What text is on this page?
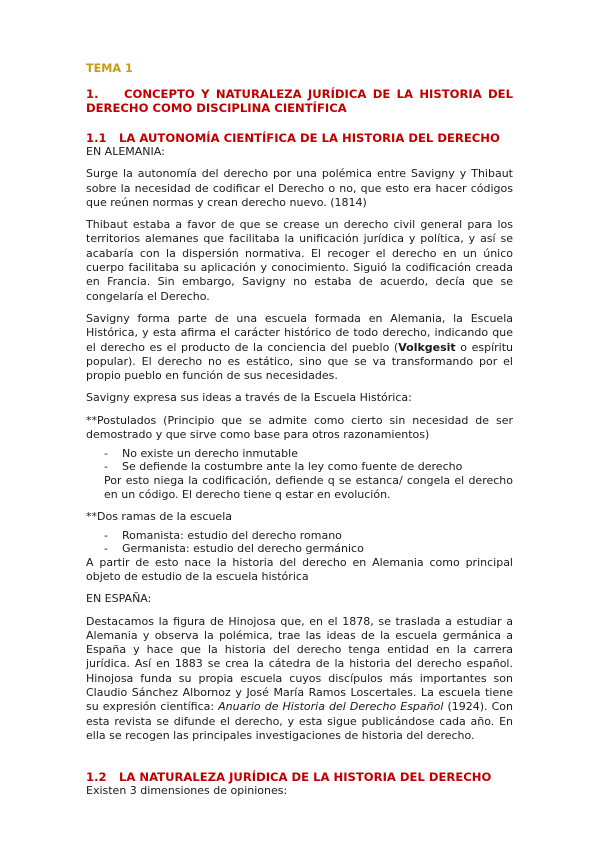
TEMA 1
1.    CONCEPTO Y NATURALEZA JURÍDICA DE LA HISTORIA DEL DERECHO COMO DISCIPLINA CIENTÍFICA
1.1 LA AUTONOMÍA CIENTÍFICA DE LA HISTORIA DEL DERECHO

EN ALEMANIA:

Surge la autonomía del derecho por una polémica entre Savigny y Thibaut sobre la necesidad de codificar el Derecho o no, que esto era hacer códigos que reúnen normas y crean derecho nuevo. (1814)

Thibaut estaba a favor de que se crease un derecho civil general para los territorios alemanes que facilitaba la unificación jurídica y política, y así se acabaría con la dispersión normativa. El recoger el derecho en un único cuerpo facilitaba su aplicación y conocimiento. Siguió la codificación creada en Francia. Sin embargo, Savigny no estaba de acuerdo, decía que se congelaría el Derecho.

Savigny forma parte de una escuela formada en Alemania, la Escuela Histórica, y esta afirma el carácter histórico de todo derecho, indicando que el derecho es el producto de la conciencia del pueblo (Volkgesit o espíritu popular). El derecho no es estático, sino que se va transformando por el propio pueblo en función de sus necesidades.

Savigny expresa sus ideas a través de la Escuela Histórica:

**Postulados (Principio que se admite como cierto sin necesidad de ser demostrado y que sirve como base para otros razonamientos)

- No existe un derecho inmutable
- Se defiende la costumbre ante la ley como fuente de derecho

Por esto niega la codificación, defiende q se estanca/ congela el derecho en un código. El derecho tiene q estar en evolución.

**Dos ramas de la escuela

- Romanista: estudio del derecho romano
- Germanista: estudio del derecho germánico

A partir de esto nace la historia del derecho en Alemania como principal objeto de estudio de la escuela histórica

EN ESPAÑA:

Destacamos la figura de Hinojosa que, en el 1878, se traslada a estudiar a Alemania y observa la polémica, trae las ideas de la escuela germánica a España y hace que la historia del derecho tenga entidad en la carrera jurídica. Así en 1883 se crea la cátedra de la historia del derecho español. Hinojosa funda su propia escuela cuyos discípulos más importantes son Claudio Sánchez Albornoz y José María Ramos Loscertales. La escuela tiene su expresión científica: Anuario de Historia del Derecho Español (1924). Con esta revista se difunde el derecho, y esta sigue publicándose cada año. En ella se recogen las principales investigaciones de historia del derecho.

1.2 LA NATURALEZA JURÍDICA DE LA HISTORIA DEL DERECHO

Existen 3 dimensiones de opiniones:
